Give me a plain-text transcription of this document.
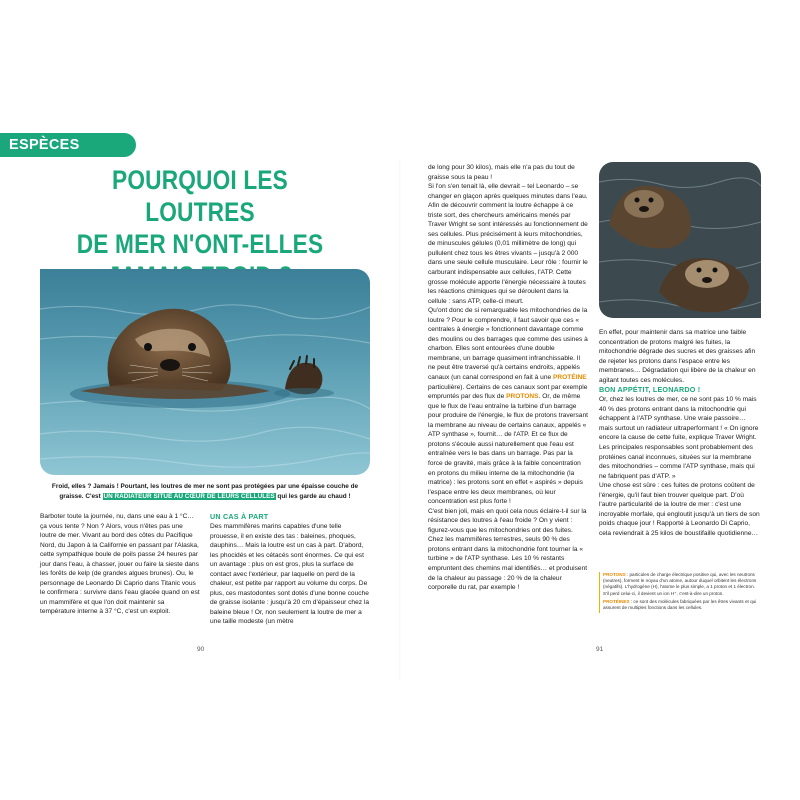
ESPÈCES MARINES	POURQUOI LES LOUTRES
DE MER N'ONT-ELLES

Froid, elles ? Jamais ! Pourtant, les loutres de mer ne sont pas protégées par une épaisse couche de graisse. C'est UN RADIATEUR SITUÉ AU CŒUR DE LEURS CELLULES qui les garde au chaud !

Barboter toute la journée, nu, dans une eau à 1 °C… ça vous tente ? Non ? Alors, vous n'êtes pas une loutre de mer. Vivant au bord des côtes du Pacifique Nord, du Japon à la Californie en passant par l'Alaska, cette sympathique boule de poils passe 24 heures par jour dans l'eau, à chasser, jouer ou faire la sieste dans les forêts de kelp (de grandes algues brunes). Ou, le personnage de Leonardo Di Caprio dans Titanic vous le confirmera : survivre dans l'eau glacée quand on est un mammifère et que l'on doit maintenir sa température interne à 37 °C, c'est un exploit.

UN CAS À PART

Des mammifères marins capables d'une telle prouesse, il en existe des tas : baleines, phoques, dauphins… Mais la loutre est un cas à part. D'abord, les phocidés et les cétacés sont énormes. Ce qui est un avantage : plus on est gros, plus la surface de contact avec l'extérieur, par laquelle on perd de la chaleur, est petite par rapport au volume du corps. De plus, ces mastodontes sont dotés d'une bonne couche de graisse isolante : jusqu'à 20 cm d'épaisseur chez la baleine bleue ! Or, non seulement la loutre de mer a une taille modeste (un mètre

de long pour 30 kilos), mais elle n'a pas du tout de graisse sous la peau !

Si l'on s'en tenait là, elle devrait – tel Leonardo – se changer en glaçon après quelques minutes dans l'eau. Afin de découvrir comment la loutre échappe à ce triste sort, des chercheurs américains menés par Traver Wright se sont intéressés au fonctionnement de ses cellules. Plus précisément à leurs mitochondries, de minuscules gélules (0,01 millimètre de long) qui pullulent chez tous les êtres vivants – jusqu'à 2 000 dans une seule cellule musculaire. Leur rôle : fournir le carburant indispensable aux cellules, l'ATP. Cette grosse molécule apporte l'énergie nécessaire à toutes les réactions chimiques qui se déroulent dans la cellule : sans ATP, celle-ci meurt.

Qu'ont donc de si remarquable les mitochondries de la loutre ? Pour le comprendre, il faut savoir que ces « centrales à énergie » fonctionnent davantage comme des moulins ou des barrages que comme des usines à charbon. Elles sont entourées d'une double membrane, un barrage quasiment infranchissable. Il ne peut être traversé qu'à certains endroits, appelés canaux (un canal correspond en fait à une PROTÉINE particulière). Certains de ces canaux sont par exemple empruntés par des flux de PROTONS. Or, de même que le flux de l'eau entraîne la turbine d'un barrage pour produire de l'énergie, le flux de protons traversant la membrane au niveau de certains canaux, appelés « ATP synthase », fournit… de l'ATP. Et ce flux de protons s'écoule aussi naturellement que l'eau est entraînée vers le bas dans un barrage. Pas par la force de gravité, mais grâce à la faible concentration en protons du milieu interne de la mitochondrie (la matrice) : les protons sont en effet « aspirés » depuis l'espace entre les deux membranes, où leur concentration est plus forte !

C'est bien joli, mais en quoi cela nous éclaire-t-il sur la résistance des loutres à l'eau froide ? On y vient : figurez-vous que les mitochondries ont des fuites. Chez les mammifères terrestres, seuls 90 % des protons entrant dans la mitochondrie font tourner la « turbine » de l'ATP synthase. Les 10 % restants empruntent des chemins mal identifiés… et produisent de la chaleur au passage : 20 % de la chaleur corporelle du rat, par exemple !

En effet, pour maintenir dans sa matrice une faible concentration de protons malgré les fuites, la mitochondrie dégrade des sucres et des graisses afin de rejeter les protons dans l'espace entre les membranes… Dégradation qui libère de la chaleur en agitant toutes ces molécules.

BON APPÉTIT, LEONARDO !

Or, chez les loutres de mer, ce ne sont pas 10 % mais 40 % des protons entrant dans la mitochondrie qui échappent à l'ATP synthase. Une vraie passoire… mais surtout un radiateur ultraperformant ! « On ignore encore la cause de cette fuite, explique Traver Wright. Les principales responsables sont probablement des protéines canal inconnues, situées sur la membrane des mitochondries – comme l'ATP synthase, mais qui ne fabriquent pas d'ATP. »

Une chose est sûre : ces fuites de protons coûtent de l'énergie, qu'il faut bien trouver quelque part. D'où l'autre particularité de la loutre de mer : c'est une incroyable morfale, qui engloutit jusqu'à un tiers de son poids chaque jour ! Rapporté à Leonardo Di Caprio, cela reviendrait à 25 kilos de boustifaille quotidienne…

PROTONS : particules de charge électrique positive qui, avec les neutrons (neutres), forment le noyau d'un atome, autour duquel orbitent les électrons (négatifs). L'hydrogène (H), l'atome le plus simple, a 1 proton et 1 électron. S'il perd celui-ci, il devient un ion H⁺, c'est-à-dire un proton.

PROTÉINES : ce sont des molécules fabriquées par les êtres vivants et qui assurent de multiples fonctions dans les cellules.

90	91
